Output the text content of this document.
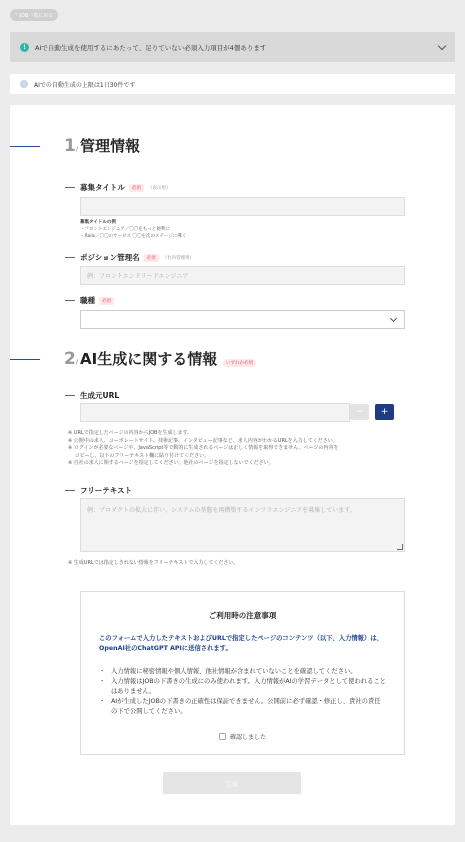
‹ JOB一覧に戻る
!	AIで自動生成を使用するにあたって、足りていない必須入力項目が4個あります
i	AIでの自動生成の上限は1日30件です
1 / 管理情報
募集タイトル	必須	（表示用）
募集タイトルの例
・フロントエンジニア／〇〇をもっと便利に
・Rails／〇〇のサービス 〇〇を次のステージに導く
ポジション管理名	必須	（社内管理用）
例：フロントエンドリードエンジニア
職種	必須
2 / AI生成に関する情報	いずれか必須
生成元URL
−	+
※ URLで指定したページの内容からJOBを生成します。
※ 公開中の求人、コーポレートサイト、技術記事、インタビュー記事など、求人内容がわかるURLを入力してください。
※ ログインが必要なページや、JavaScript等で動的に生成されるページは正しく情報を取得できません。ページの内容を
　 コピーし、以下のフリーテキスト欄に貼り付けてください。
※ 自社の求人に関するページを指定してください。他社のページを指定しないでください。
フリーテキスト
例：プロダクトの拡大に伴い、システムの基盤を再構築するインフラエンジニアを募集しています。
※ 生成URLでは指定しきれない情報をフリーテキストで入力してください。
ご利用時の注意事項
このフォームで入力したテキストおよびURLで指定したページのコンテンツ（以下、入力情報）は、OpenAI社のChatGPT APIに送信されます。
・ 入力情報に秘密情報や個人情報、他社情報が含まれていないことを確認してください。
・ 入力情報はJOBの下書きの生成にのみ使われます。入力情報がAIの学習データとして使われることはありません。
・ AIが生成したJOBの下書きの正確性は保証できません。公開前に必ず確認・修正し、貴社の責任の下で公開してください。
確認しました
生成
